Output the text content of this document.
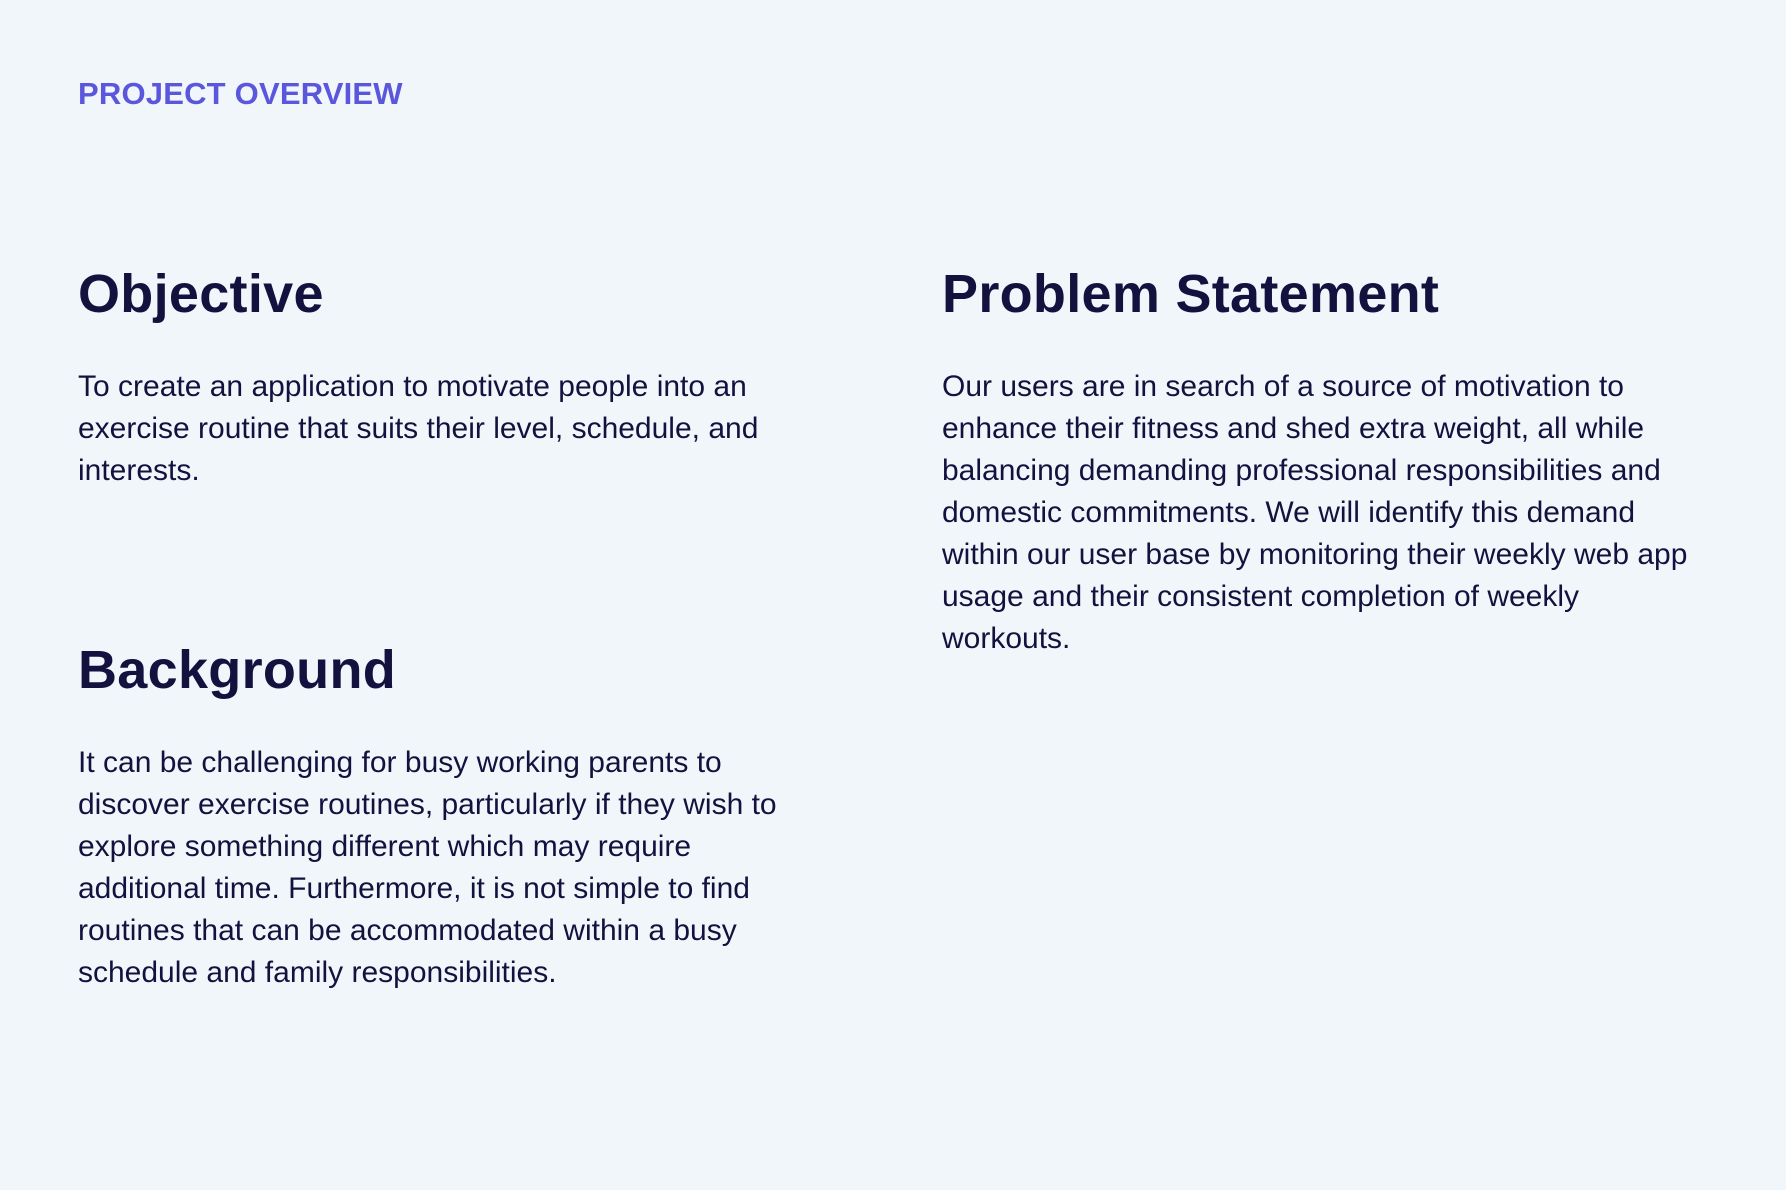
PROJECT OVERVIEW
Objective

To create an application to motivate people into an exercise routine that suits their level, schedule, and interests.

Background

It can be challenging for busy working parents to discover exercise routines, particularly if they wish to explore something different which may require additional time. Furthermore, it is not simple to find routines that can be accommodated within a busy schedule and family responsibilities.

Problem Statement

Our users are in search of a source of motivation to enhance their fitness and shed extra weight, all while balancing demanding professional responsibilities and domestic commitments. We will identify this demand within our user base by monitoring their weekly web app usage and their consistent completion of weekly workouts.
